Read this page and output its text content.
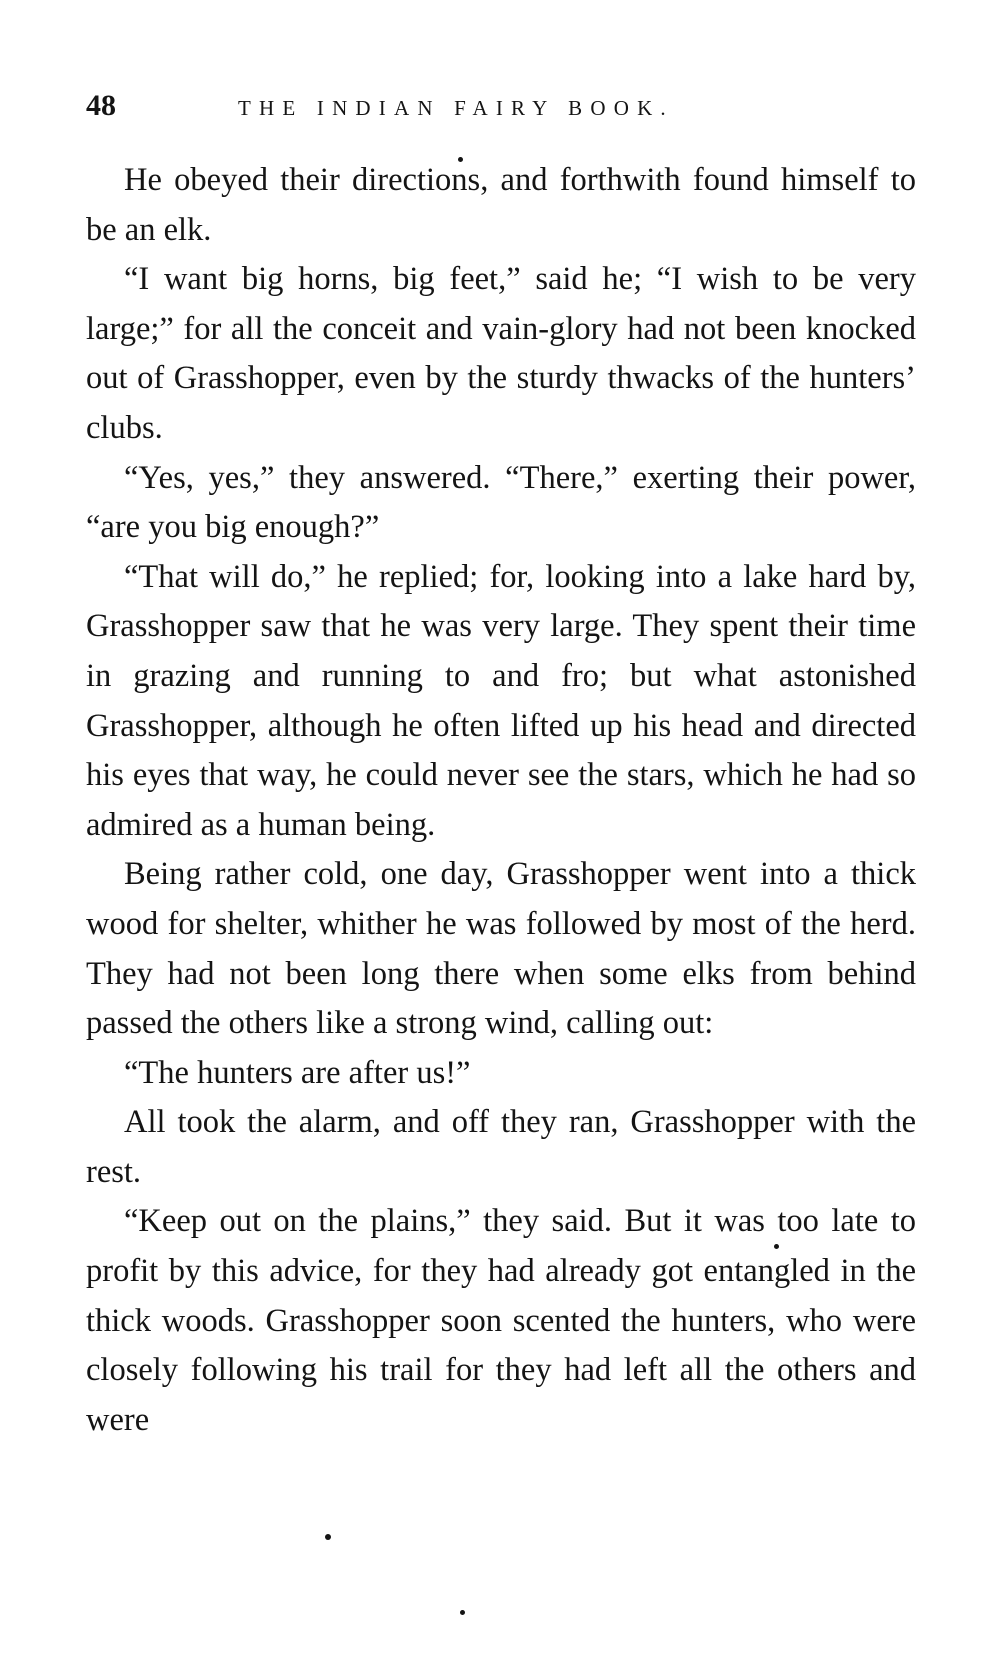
48	THE INDIAN FAIRY BOOK.

He obeyed their directions, and forthwith found himself to be an elk.

“I want big horns, big feet,” said he; “I wish to be very large;” for all the conceit and vain-glory had not been knocked out of Grasshopper, even by the sturdy thwacks of the hunters’ clubs.

“Yes, yes,” they answered. “There,” exerting their power, “are you big enough?”

“That will do,” he replied; for, looking into a lake hard by, Grasshopper saw that he was very large. They spent their time in grazing and running to and fro; but what astonished Grasshopper, although he often lifted up his head and directed his eyes that way, he could never see the stars, which he had so admired as a human being.

Being rather cold, one day, Grasshopper went into a thick wood for shelter, whither he was followed by most of the herd. They had not been long there when some elks from behind passed the others like a strong wind, calling out:

“The hunters are after us!”

All took the alarm, and off they ran, Grasshopper with the rest.

“Keep out on the plains,” they said. But it was too late to profit by this advice, for they had already got entangled in the thick woods. Grasshopper soon scented the hunters, who were closely following his trail for they had left all the others and were
